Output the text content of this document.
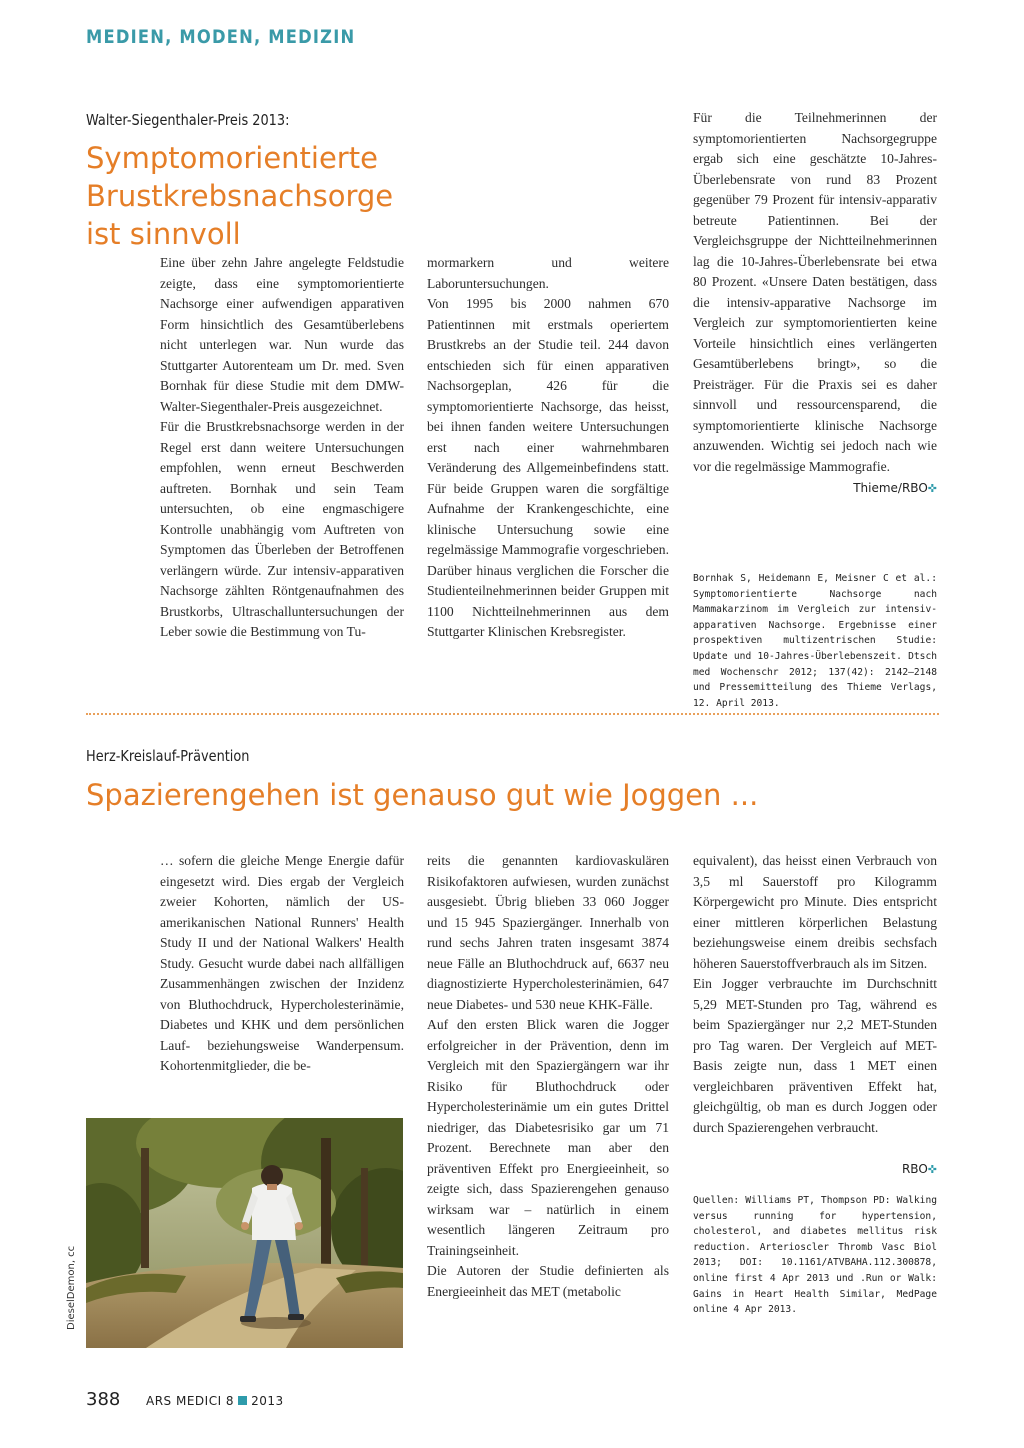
MEDIEN, MODEN, MEDIZIN
Walter-Siegenthaler-Preis 2013:
Symptomorientierte Brustkrebsnachsorge
ist sinnvoll

Eine über zehn Jahre angelegte Feldstudie zeigte, dass eine symptomorientierte Nachsorge einer aufwendigen apparativen Form hinsichtlich des Gesamtüberlebens nicht unterlegen war. Nun wurde das Stuttgarter Autorenteam um Dr. med. Sven Bornhak für diese Studie mit dem DMW-Walter-Siegenthaler-Preis ausgezeichnet.

Für die Brustkrebsnachsorge werden in der Regel erst dann weitere Untersuchungen empfohlen, wenn erneut Beschwerden auftreten. Bornhak und sein Team untersuchten, ob eine engmaschigere Kontrolle unabhängig vom Auftreten von Symptomen das Überleben der Betroffenen verlängern würde. Zur intensiv-apparativen Nachsorge zählten Röntgenaufnahmen des Brustkorbs, Ultraschalluntersuchungen der Leber sowie die Bestimmung von Tu-

mormarkern und weitere Laboruntersuchungen.

Von 1995 bis 2000 nahmen 670 Patientinnen mit erstmals operiertem Brustkrebs an der Studie teil. 244 davon entschieden sich für einen apparativen Nachsorgeplan, 426 für die symptomorientierte Nachsorge, das heisst, bei ihnen fanden weitere Untersuchungen erst nach einer wahrnehmbaren Veränderung des Allgemeinbefindens statt. Für beide Gruppen waren die sorgfältige Aufnahme der Krankengeschichte, eine klinische Untersuchung sowie eine regelmässige Mammografie vorgeschrieben. Darüber hinaus verglichen die Forscher die Studienteilnehmerinnen beider Gruppen mit 1100 Nichtteilnehmerinnen aus dem Stuttgarter Klinischen Krebsregister.

Für die Teilnehmerinnen der symptomorientierten Nachsorgegruppe ergab sich eine geschätzte 10-Jahres-Überlebensrate von rund 83 Prozent gegenüber 79 Prozent für intensiv-apparativ betreute Patientinnen. Bei der Vergleichsgruppe der Nichtteilnehmerinnen lag die 10-Jahres-Überlebensrate bei etwa 80 Prozent. «Unsere Daten bestätigen, dass die intensiv-apparative Nachsorge im Vergleich zur symptomorientierten keine Vorteile hinsichtlich eines verlängerten Gesamtüberlebens bringt», so die Preisträger. Für die Praxis sei es daher sinnvoll und ressourcensparend, die symptomorientierte klinische Nachsorge anzuwenden. Wichtig sei jedoch nach wie vor die regelmässige Mammografie.

Thieme/RBO✜
Bornhak S, Heidemann E, Meisner C et al.: Symptomorientierte Nachsorge nach Mammakarzinom im Vergleich zur intensiv-apparativen Nachsorge. Ergebnisse einer prospektiven multizentrischen Studie: Update und 10-Jahres-Überlebenszeit. Dtsch med Wochenschr 2012; 137(42): 2142–2148 und Pressemitteilung des Thieme Verlags, 12. April 2013.
Herz-Kreislauf-Prävention
Spazierengehen ist genauso gut wie Joggen ...

… sofern die gleiche Menge Energie dafür eingesetzt wird. Dies ergab der Vergleich zweier Kohorten, nämlich der US-amerikanischen National Runners' Health Study II und der National Walkers' Health Study. Gesucht wurde dabei nach allfälligen Zusammenhängen zwischen der Inzidenz von Bluthochdruck, Hypercholesterinämie, Diabetes und KHK und dem persönlichen Lauf- beziehungsweise Wanderpensum. Kohortenmitglieder, die be-

reits die genannten kardiovaskulären Risikofaktoren aufwiesen, wurden zunächst ausgesiebt. Übrig blieben 33 060 Jogger und 15 945 Spaziergänger. Innerhalb von rund sechs Jahren traten insgesamt 3874 neue Fälle an Bluthochdruck auf, 6637 neu diagnostizierte Hypercholesterinämien, 647 neue Diabetes- und 530 neue KHK-Fälle.

Auf den ersten Blick waren die Jogger erfolgreicher in der Prävention, denn im Vergleich mit den Spaziergängern war ihr Risiko für Bluthochdruck oder Hypercholesterinämie um ein gutes Drittel niedriger, das Diabetesrisiko gar um 71 Prozent. Berechnete man aber den präventiven Effekt pro Energieeinheit, so zeigte sich, dass Spazierengehen genauso wirksam war – natürlich in einem wesentlich längeren Zeitraum pro Trainingseinheit.

Die Autoren der Studie definierten als Energieeinheit das MET (metabolic

equivalent), das heisst einen Verbrauch von 3,5 ml Sauerstoff pro Kilogramm Körpergewicht pro Minute. Dies entspricht einer mittleren körperlichen Belastung beziehungsweise einem dreibis sechsfach höheren Sauerstoffverbrauch als im Sitzen.

Ein Jogger verbrauchte im Durchschnitt 5,29 MET-Stunden pro Tag, während es beim Spaziergänger nur 2,2 MET-Stunden pro Tag waren. Der Vergleich auf MET-Basis zeigte nun, dass 1 MET einen vergleichbaren präventiven Effekt hat, gleichgültig, ob man es durch Joggen oder durch Spazierengehen verbraucht.

RBO✜
Quellen: Williams PT, Thompson PD: Walking versus running for hypertension, cholesterol, and diabetes mellitus risk reduction. Arterioscler Thromb Vasc Biol 2013; DOI: 10.1161/ATVBAHA.112.300878, online first 4 Apr 2013 und .Run or Walk: Gains in Heart Health Similar, MedPage online 4 Apr 2013.
DieselDemon, cc
388 ARS MEDICI 8 2013
